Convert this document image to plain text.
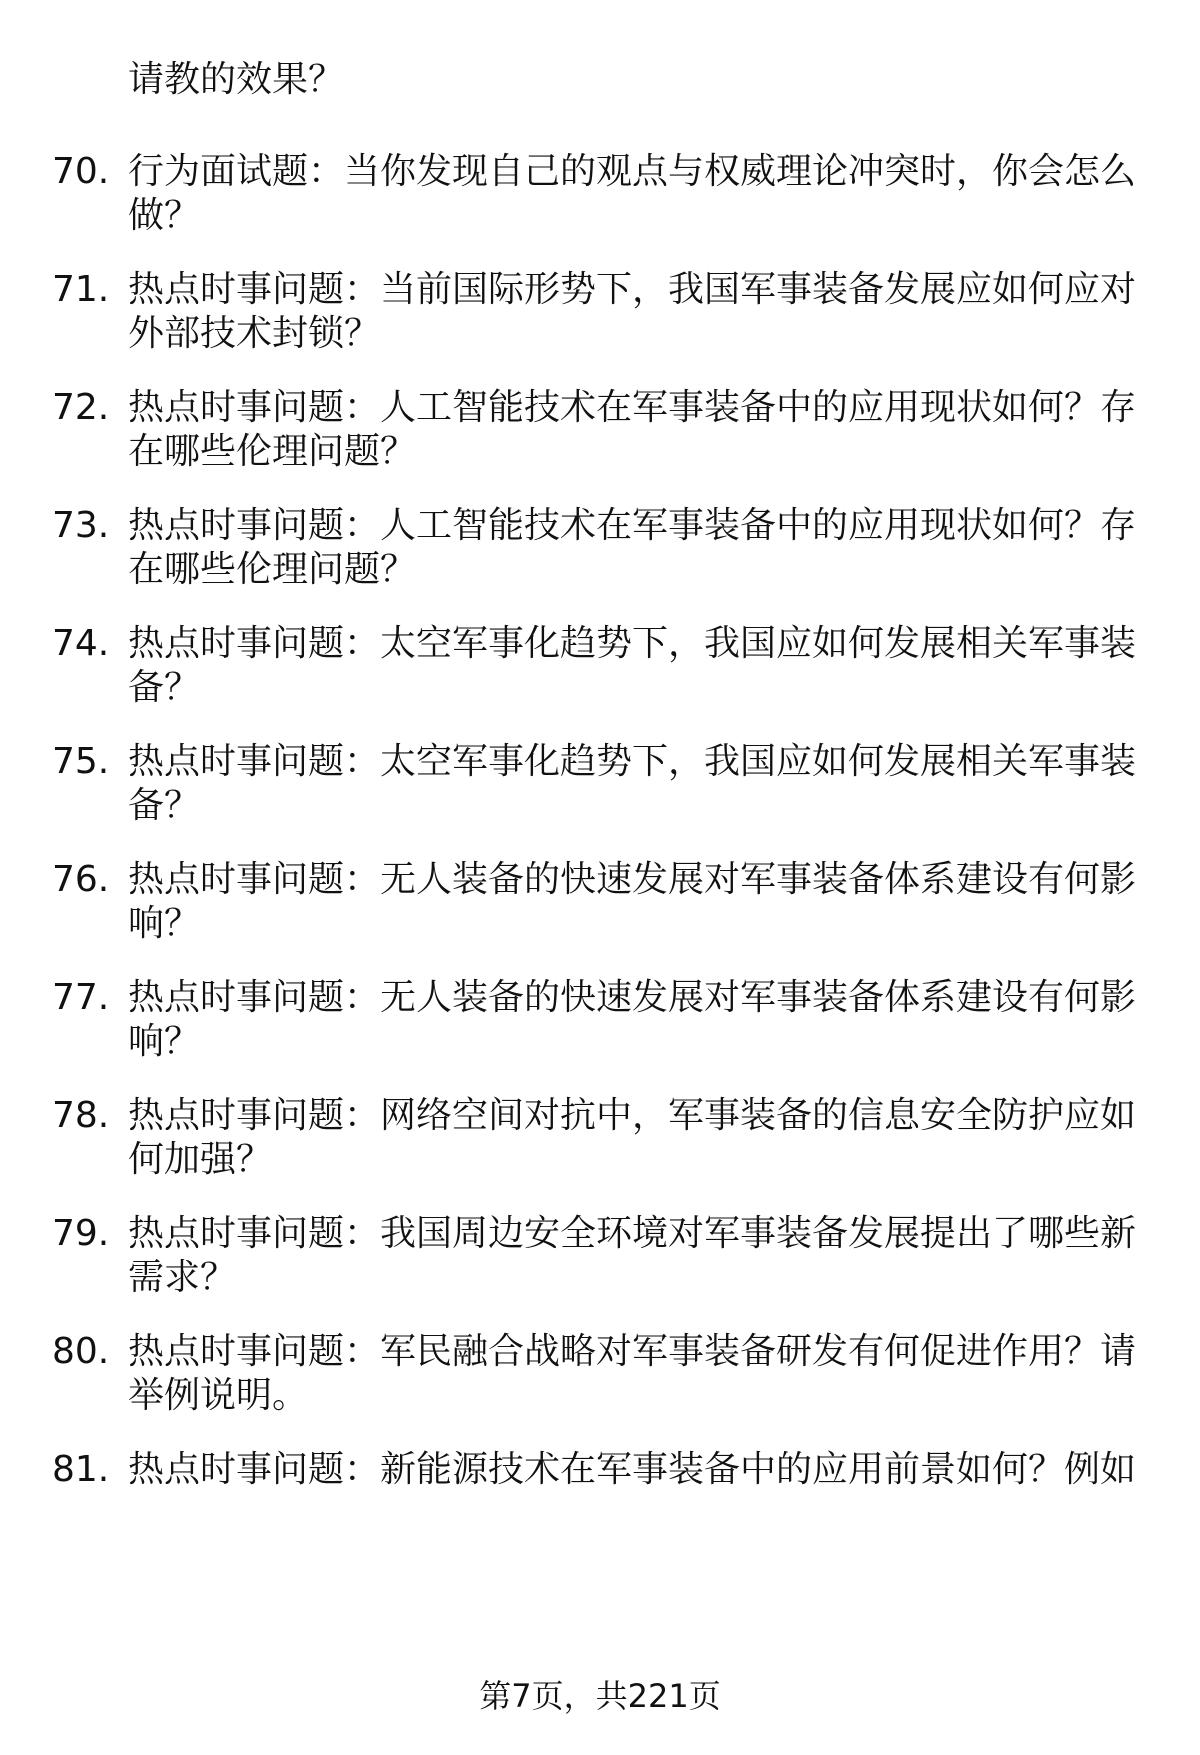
请教的效果？
70. 行为面试题：当你发现自己的观点与权威理论冲突时，你会怎么做？
71. 热点时事问题：当前国际形势下，我国军事装备发展应如何应对外部技术封锁？
72. 热点时事问题：人工智能技术在军事装备中的应用现状如何？存在哪些伦理问题？
73. 热点时事问题：人工智能技术在军事装备中的应用现状如何？存在哪些伦理问题？
74. 热点时事问题：太空军事化趋势下，我国应如何发展相关军事装备？
75. 热点时事问题：太空军事化趋势下，我国应如何发展相关军事装备？
76. 热点时事问题：无人装备的快速发展对军事装备体系建设有何影响？
77. 热点时事问题：无人装备的快速发展对军事装备体系建设有何影响？
78. 热点时事问题：网络空间对抗中，军事装备的信息安全防护应如何加强？
79. 热点时事问题：我国周边安全环境对军事装备发展提出了哪些新需求？
80. 热点时事问题：军民融合战略对军事装备研发有何促进作用？请举例说明。
81. 热点时事问题：新能源技术在军事装备中的应用前景如何？例如
第7页，共221页
